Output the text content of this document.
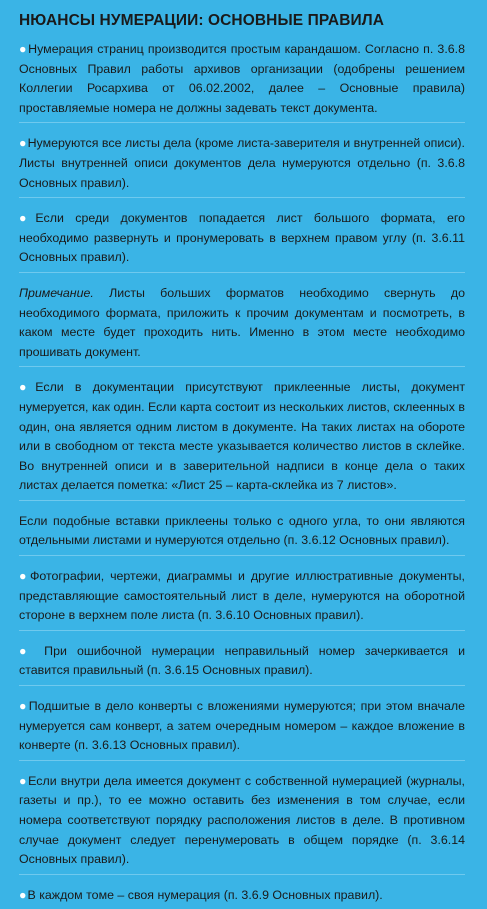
НЮАНСЫ НУМЕРАЦИИ: ОСНОВНЫЕ ПРАВИЛА

●Нумерация страниц производится простым карандашом. Согласно п. 3.6.8 Основных Правил работы архивов организации (одобрены решением Коллегии Росархива от 06.02.2002, далее – Основные правила) проставляемые номера не должны задевать текст документа.

●Нумеруются все листы дела (кроме листа-заверителя и внутренней описи). Листы внутренней описи документов дела нумеруются отдельно (п. 3.6.8 Основных правил).

●Если среди документов попадается лист большого формата, его необходимо развернуть и пронумеровать в верхнем правом углу (п. 3.6.11 Основных правил).

Примечание. Листы больших форматов необходимо свернуть до необходимого формата, приложить к прочим документам и посмотреть, в каком месте будет проходить нить. Именно в этом месте необходимо прошивать документ.

●Если в документации присутствуют приклеенные листы, документ нумеруется, как один. Если карта состоит из нескольких листов, склеенных в один, она является одним листом в документе. На таких листах на обороте или в свободном от текста месте указывается количество листов в склейке. Во внутренней описи и в заверительной надписи в конце дела о таких листах делается пометка: «Лист 25 – карта-склейка из 7 листов».

Если подобные вставки приклеены только с одного угла, то они являются отдельными листами и нумеруются отдельно (п. 3.6.12 Основных правил).

●Фотографии, чертежи, диаграммы и другие иллюстративные документы, представляющие самостоятельный лист в деле, нумеруются на оборотной стороне в верхнем поле листа (п. 3.6.10 Основных правил).

● При ошибочной нумерации неправильный номер зачеркивается и ставится правильный (п. 3.6.15 Основных правил).

●Подшитые в дело конверты с вложениями нумеруются; при этом вначале нумеруется сам конверт, а затем очередным номером – каждое вложение в конверте (п. 3.6.13 Основных правил).

●Если внутри дела имеется документ с собственной нумерацией (журналы, газеты и пр.), то ее можно оставить без изменения в том случае, если номера соответствуют порядку расположения листов в деле. В противном случае документ следует перенумеровать в общем порядке (п. 3.6.14 Основных правил).

●В каждом томе – своя нумерация (п. 3.6.9 Основных правил).
